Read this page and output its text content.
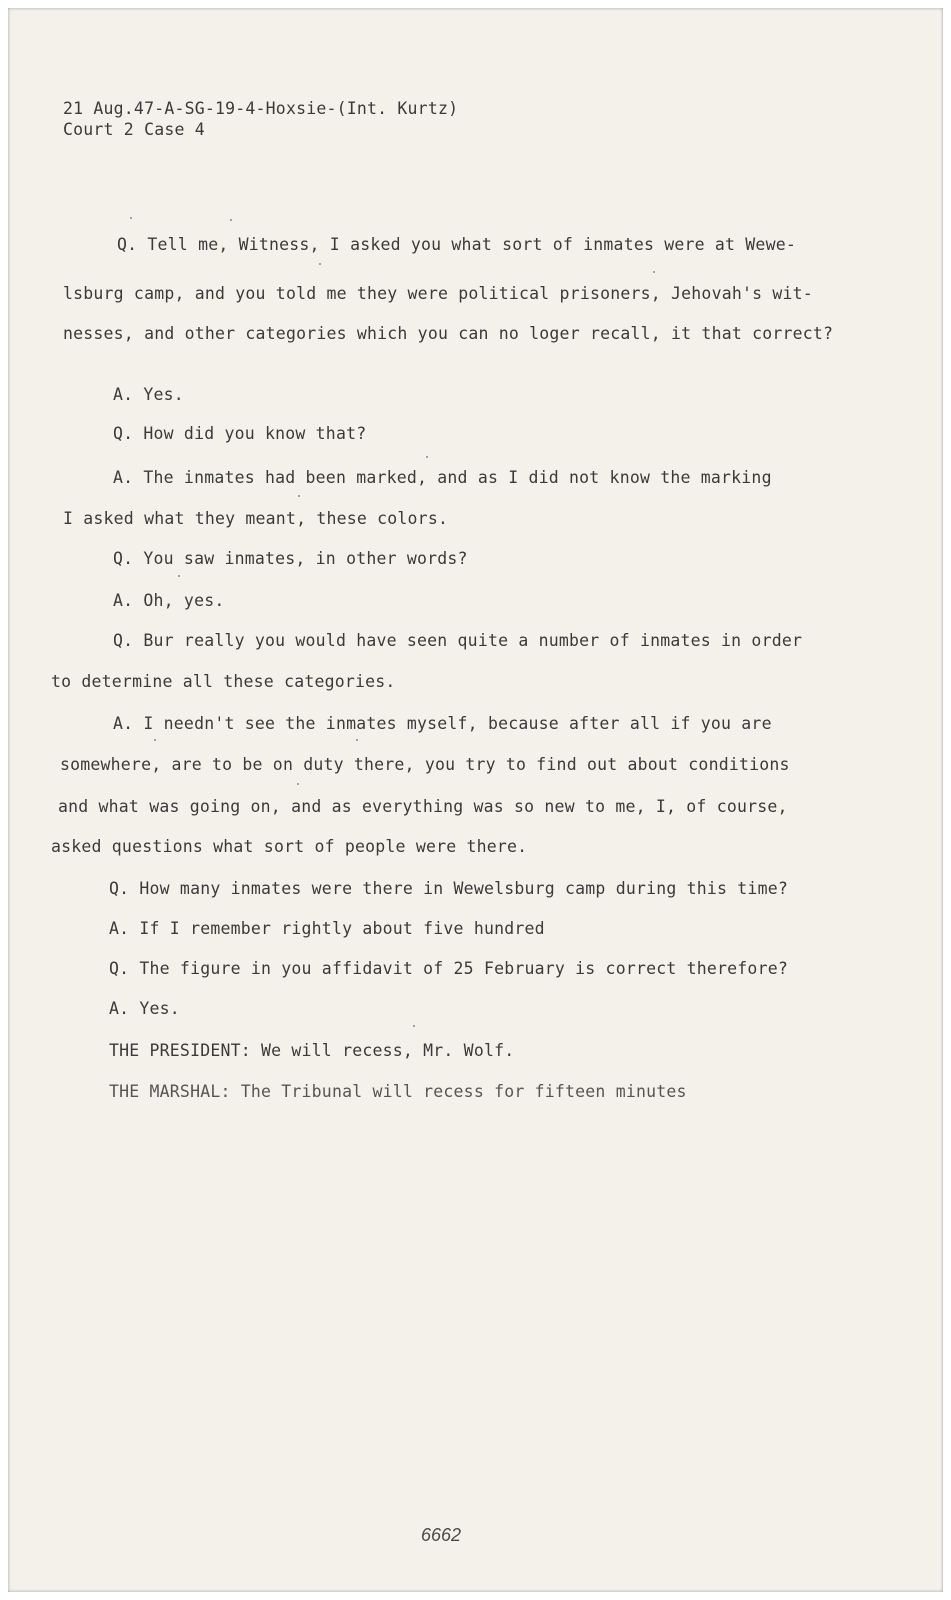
21 Aug.47-A-SG-19-4-Hoxsie-(Int. Kurtz)
Court 2 Case 4
Q. Tell me, Witness, I asked you what sort of inmates were at Wewe-
lsburg camp, and you told me they were political prisoners, Jehovah's wit-
nesses, and other categories which you can no loger recall, it that correct?
A. Yes.
Q. How did you know that?
A. The inmates had been marked, and as I did not know the marking
I asked what they meant, these colors.
Q. You saw inmates, in other words?
A. Oh, yes.
Q. Bur really you would have seen quite a number of inmates in order
to determine all these categories.
A. I needn't see the inmates myself, because after all if you are
somewhere, are to be on duty there, you try to find out about conditions
and what was going on, and as everything was so new to me, I, of course,
asked questions what sort of people were there.
Q. How many inmates were there in Wewelsburg camp during this time?
A. If I remember rightly about five hundred
Q. The figure in you affidavit of 25 February is correct therefore?
A. Yes.
THE PRESIDENT: We will recess, Mr. Wolf.
THE MARSHAL: The Tribunal will recess for fifteen minutes
6662
